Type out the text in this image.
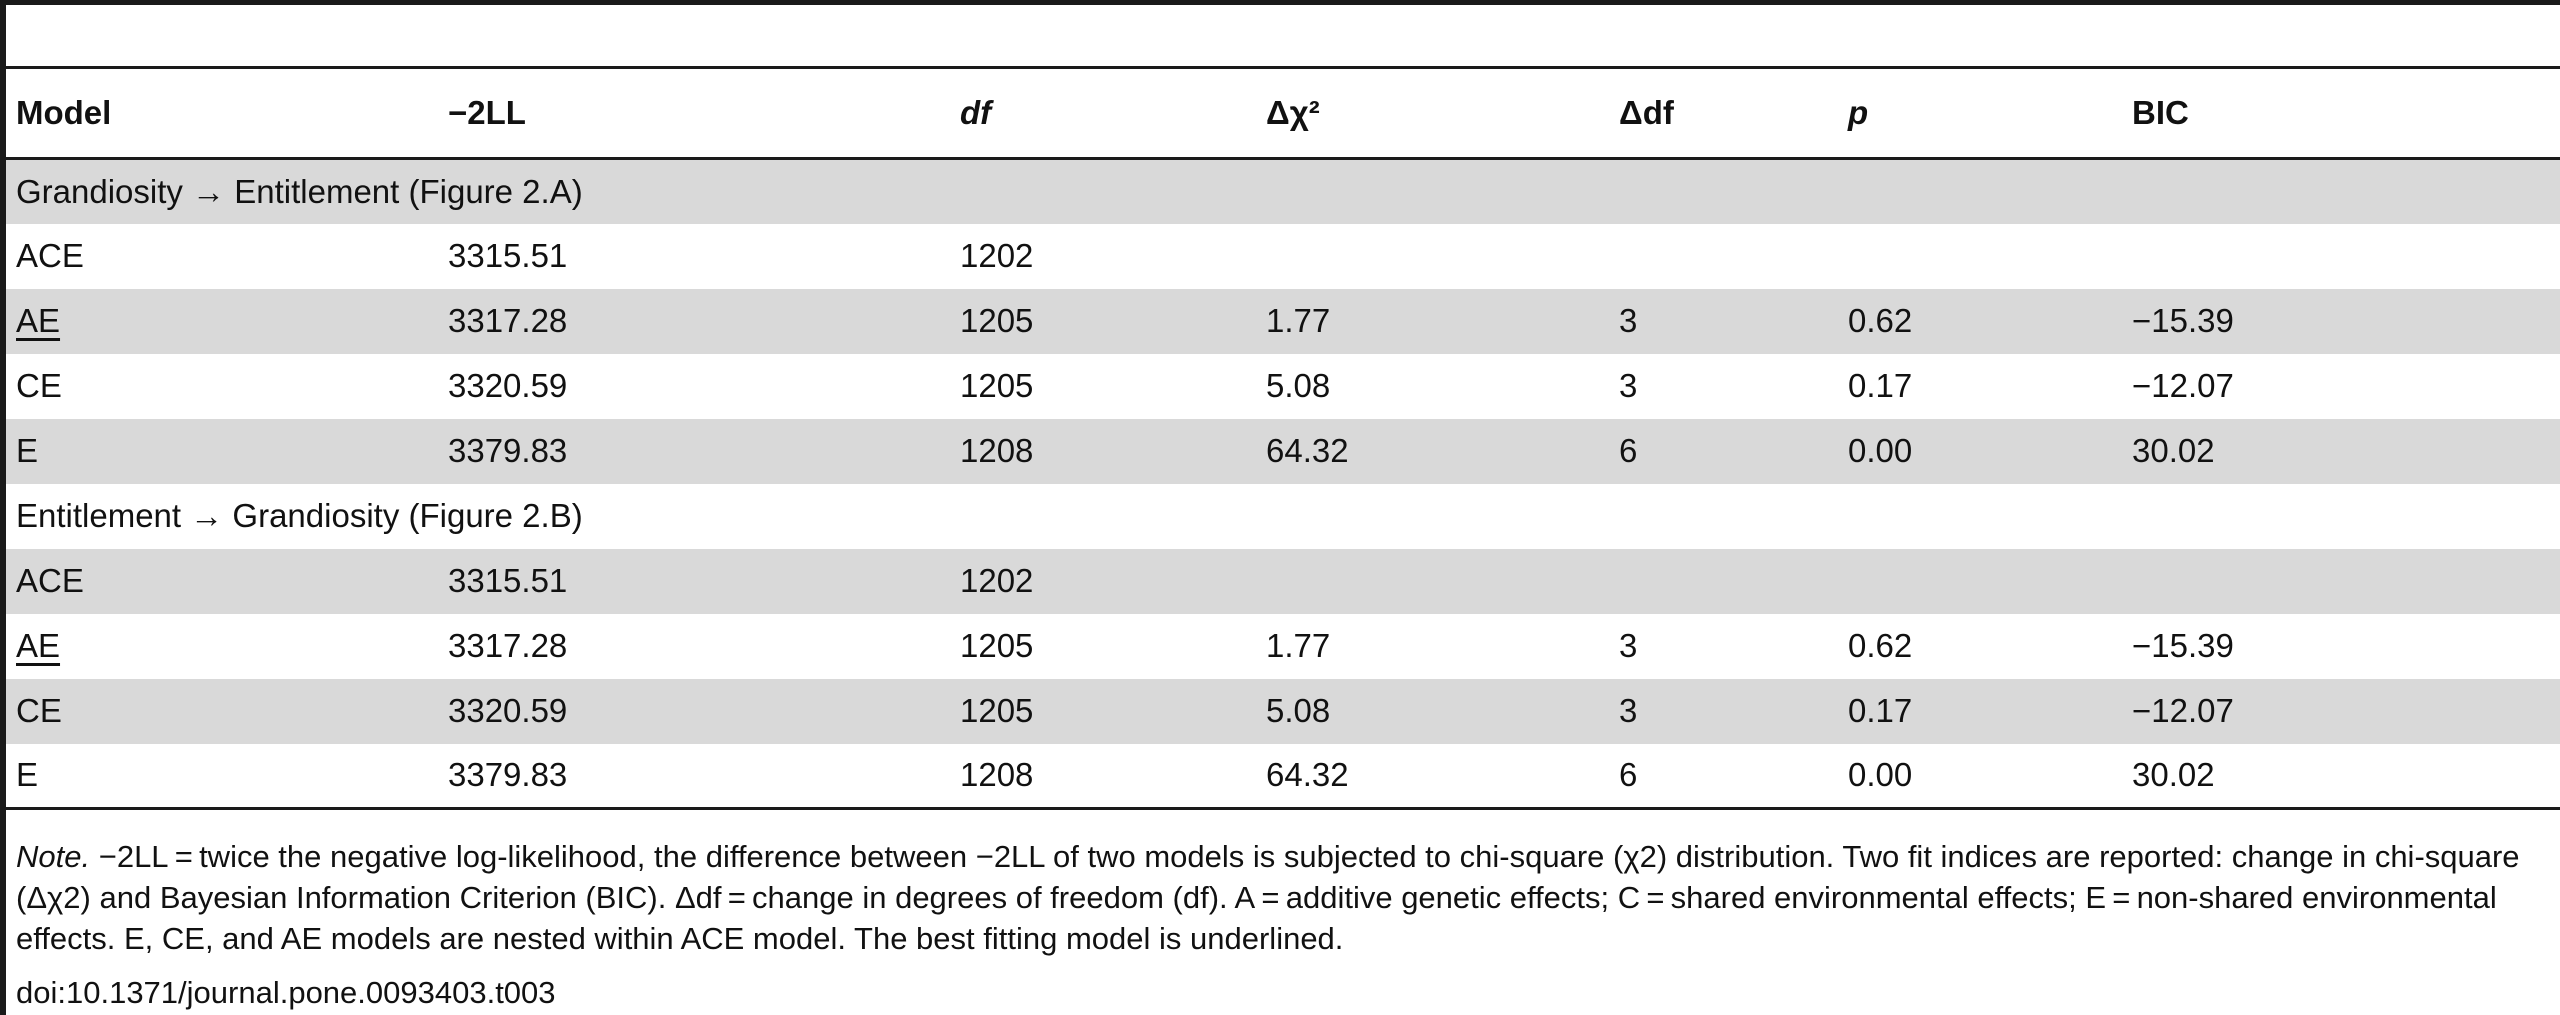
Model	−2LL	df	Δχ²	Δdf	p	BIC
Grandiosity → Entitlement (Figure 2.A)						
ACE	3315.51	1202				
AE	3317.28	1205	1.77	3	0.62	−15.39
CE	3320.59	1205	5.08	3	0.17	−12.07
E	3379.83	1208	64.32	6	0.00	30.02
Entitlement → Grandiosity (Figure 2.B)						
ACE	3315.51	1202				
AE	3317.28	1205	1.77	3	0.62	−15.39
CE	3320.59	1205	5.08	3	0.17	−12.07
E	3379.83	1208	64.32	6	0.00	30.02
Note. −2LL = twice the negative log-likelihood, the difference between −2LL of two models is subjected to chi-square (χ2) distribution. Two fit indices are reported: change in chi-square (Δχ2) and Bayesian Information Criterion (BIC). Δdf = change in degrees of freedom (df). A = additive genetic effects; C = shared environmental effects; E = non-shared environmental effects. E, CE, and AE models are nested within ACE model. The best fitting model is underlined.
doi:10.1371/journal.pone.0093403.t003
